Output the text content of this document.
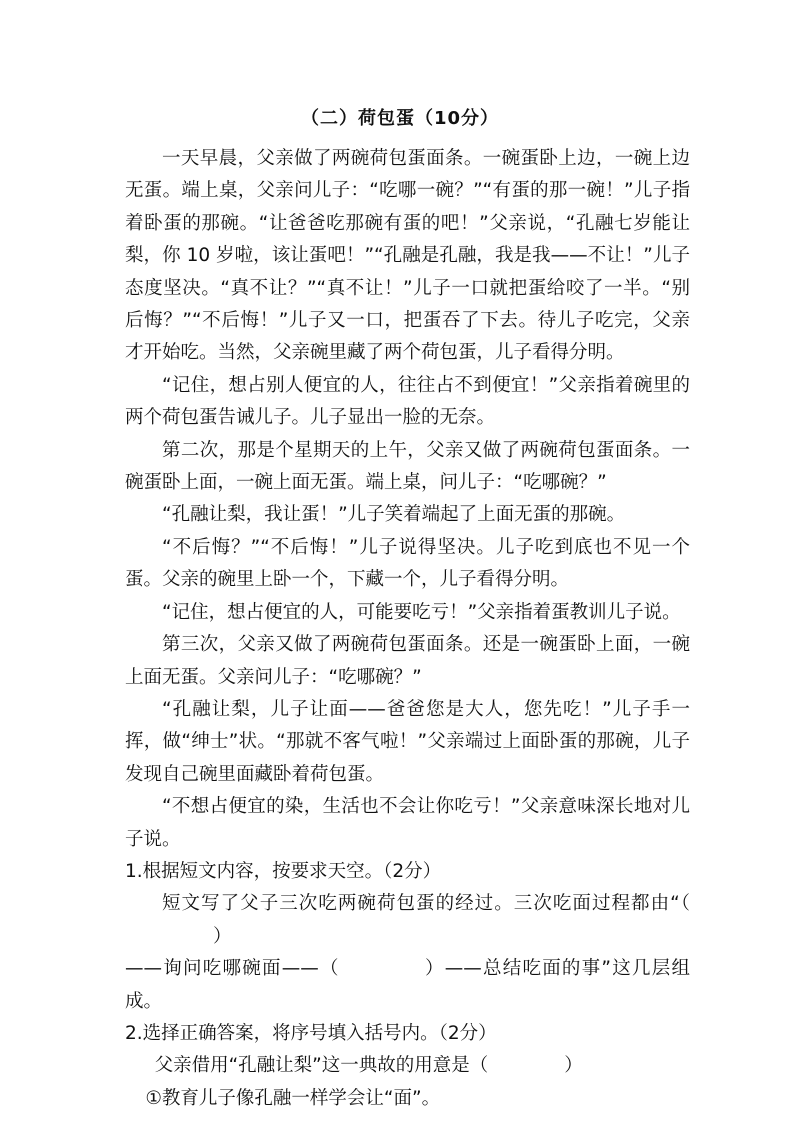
（二）荷包蛋（10分）

一天早晨，父亲做了两碗荷包蛋面条。一碗蛋卧上边，一碗上边无蛋。端上桌，父亲问儿子：“吃哪一碗？”“有蛋的那一碗！”儿子指着卧蛋的那碗。“让爸爸吃那碗有蛋的吧！”父亲说，“孔融七岁能让梨，你 10 岁啦，该让蛋吧！”“孔融是孔融，我是我——不让！”儿子态度坚决。“真不让？”“真不让！”儿子一口就把蛋给咬了一半。“别后悔？”“不后悔！”儿子又一口，把蛋吞了下去。待儿子吃完，父亲才开始吃。当然，父亲碗里藏了两个荷包蛋，儿子看得分明。

“记住，想占别人便宜的人，往往占不到便宜！”父亲指着碗里的两个荷包蛋告诫儿子。儿子显出一脸的无奈。

第二次，那是个星期天的上午，父亲又做了两碗荷包蛋面条。一碗蛋卧上面，一碗上面无蛋。端上桌，问儿子：“吃哪碗？”

“孔融让梨，我让蛋！”儿子笑着端起了上面无蛋的那碗。

“不后悔？”“不后悔！”儿子说得坚决。儿子吃到底也不见一个蛋。父亲的碗里上卧一个，下藏一个，儿子看得分明。

“记住，想占便宜的人，可能要吃亏！”父亲指着蛋教训儿子说。

第三次，父亲又做了两碗荷包蛋面条。还是一碗蛋卧上面，一碗上面无蛋。父亲问儿子：“吃哪碗？”

“孔融让梨，儿子让面——爸爸您是大人，您先吃！”儿子手一挥，做“绅士”状。“那就不客气啦！”父亲端过上面卧蛋的那碗，儿子发现自己碗里面藏卧着荷包蛋。

“不想占便宜的染，生活也不会让你吃亏！”父亲意味深长地对儿子说。

1.根据短文内容，按要求天空。（2分）

短文写了父子三次吃两碗荷包蛋的经过。三次吃面过程都由“（）

——询问吃哪碗面——（	）——总结吃面的事”这几层组成。

2.选择正确答案，将序号填入括号内。（2分）

父亲借用“孔融让梨”这一典故的用意是（	）

①教育儿子像孔融一样学会让“面”。
